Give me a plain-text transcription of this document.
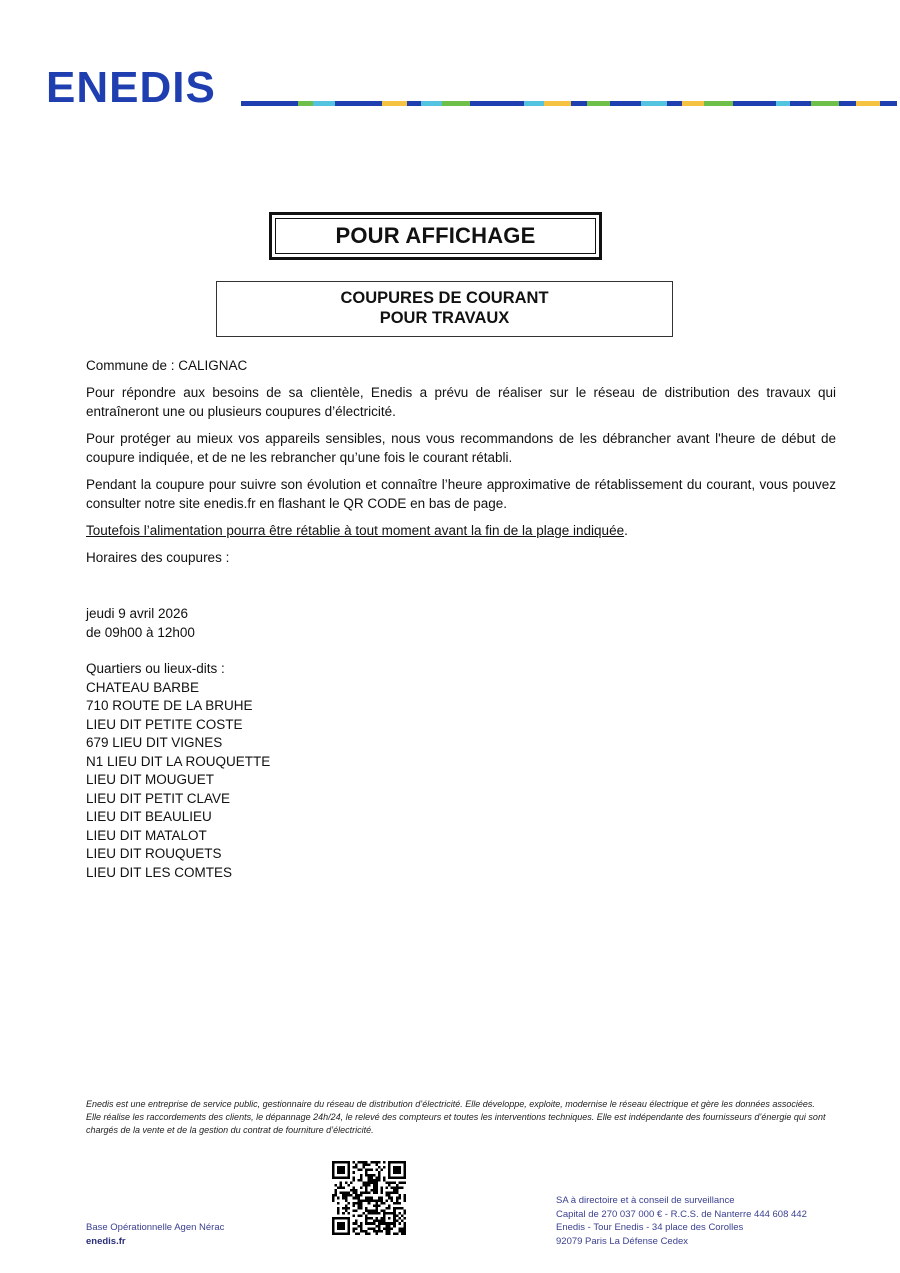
ENEDIS
POUR AFFICHAGE
COUPURES DE COURANT
POUR TRAVAUX
Commune de : CALIGNAC
Pour répondre aux besoins de sa clientèle, Enedis a prévu de réaliser sur le réseau de distribution des travaux qui entraîneront une ou plusieurs coupures d’électricité.
Pour protéger au mieux vos appareils sensibles, nous vous recommandons de les débrancher avant l'heure de début de coupure indiquée, et de ne les rebrancher qu’une fois le courant rétabli.
Pendant la coupure pour suivre son évolution et connaître l’heure approximative de rétablissement du courant, vous pouvez consulter notre site enedis.fr en flashant le QR CODE en bas de page.
Toutefois l’alimentation pourra être rétablie à tout moment avant la fin de la plage indiquée.
Horaires des coupures :
jeudi 9 avril 2026
de 09h00 à 12h00
Quartiers ou lieux-dits :
CHATEAU BARBE
710 ROUTE DE LA BRUHE
LIEU DIT PETITE COSTE
679 LIEU DIT VIGNES
N1 LIEU DIT LA ROUQUETTE
LIEU DIT MOUGUET
LIEU DIT PETIT CLAVE
LIEU DIT BEAULIEU
LIEU DIT MATALOT
LIEU DIT ROUQUETS
LIEU DIT LES COMTES
Enedis est une entreprise de service public, gestionnaire du réseau de distribution d’électricité. Elle développe, exploite, modernise le réseau électrique et gère les données associées. Elle réalise les raccordements des clients, le dépannage 24h/24, le relevé des compteurs et toutes les interventions techniques. Elle est indépendante des fournisseurs d’énergie qui sont chargés de la vente et de la gestion du contrat de fourniture d’électricité.
Base Opérationnelle Agen Nérac
enedis.fr
SA à directoire et à conseil de surveillance
Capital de 270 037 000 € - R.C.S. de Nanterre 444 608 442
Enedis - Tour Enedis - 34 place des Corolles
92079 Paris La Défense Cedex
